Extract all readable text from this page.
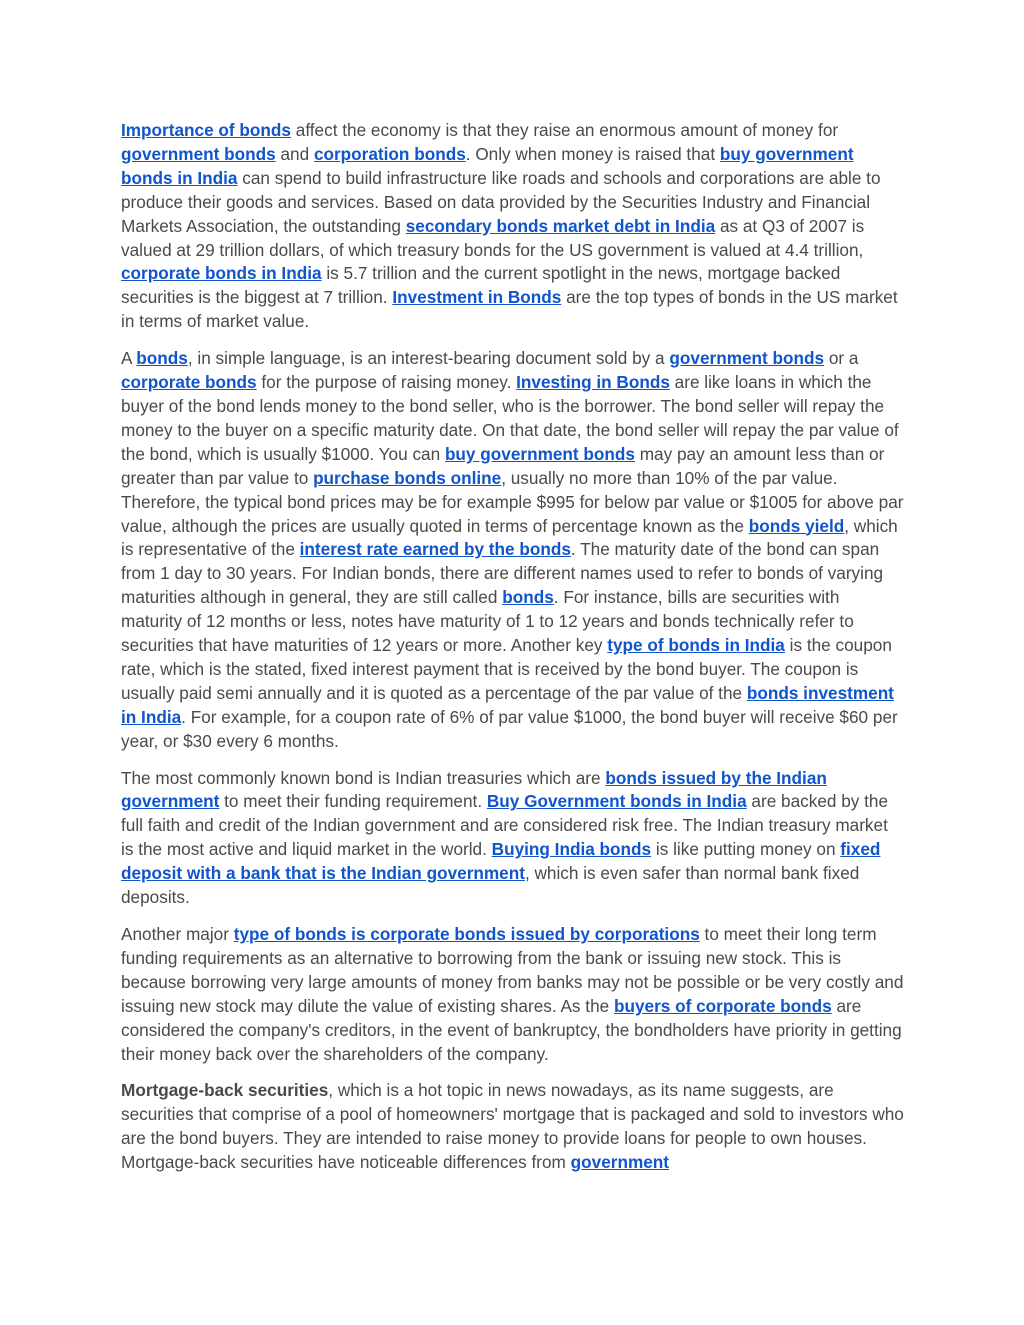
Importance of bonds affect the economy is that they raise an enormous amount of money for government bonds and corporation bonds. Only when money is raised that buy government bonds in India can spend to build infrastructure like roads and schools and corporations are able to produce their goods and services. Based on data provided by the Securities Industry and Financial Markets Association, the outstanding secondary bonds market debt in India as at Q3 of 2007 is valued at 29 trillion dollars, of which treasury bonds for the US government is valued at 4.4 trillion, corporate bonds in India is 5.7 trillion and the current spotlight in the news, mortgage backed securities is the biggest at 7 trillion. Investment in Bonds are the top types of bonds in the US market in terms of market value.

A bonds, in simple language, is an interest-bearing document sold by a government bonds or a corporate bonds for the purpose of raising money. Investing in Bonds are like loans in which the buyer of the bond lends money to the bond seller, who is the borrower. The bond seller will repay the money to the buyer on a specific maturity date. On that date, the bond seller will repay the par value of the bond, which is usually $1000. You can buy government bonds may pay an amount less than or greater than par value to purchase bonds online, usually no more than 10% of the par value. Therefore, the typical bond prices may be for example $995 for below par value or $1005 for above par value, although the prices are usually quoted in terms of percentage known as the bonds yield, which is representative of the interest rate earned by the bonds. The maturity date of the bond can span from 1 day to 30 years. For Indian bonds, there are different names used to refer to bonds of varying maturities although in general, they are still called bonds. For instance, bills are securities with maturity of 12 months or less, notes have maturity of 1 to 12 years and bonds technically refer to securities that have maturities of 12 years or more. Another key type of bonds in India is the coupon rate, which is the stated, fixed interest payment that is received by the bond buyer. The coupon is usually paid semi annually and it is quoted as a percentage of the par value of the bonds investment in India. For example, for a coupon rate of 6% of par value $1000, the bond buyer will receive $60 per year, or $30 every 6 months.

The most commonly known bond is Indian treasuries which are bonds issued by the Indian government to meet their funding requirement. Buy Government bonds in India are backed by the full faith and credit of the Indian government and are considered risk free. The Indian treasury market is the most active and liquid market in the world. Buying India bonds is like putting money on fixed deposit with a bank that is the Indian government, which is even safer than normal bank fixed deposits.

Another major type of bonds is corporate bonds issued by corporations to meet their long term funding requirements as an alternative to borrowing from the bank or issuing new stock. This is because borrowing very large amounts of money from banks may not be possible or be very costly and issuing new stock may dilute the value of existing shares. As the buyers of corporate bonds are considered the company's creditors, in the event of bankruptcy, the bondholders have priority in getting their money back over the shareholders of the company.

Mortgage-back securities, which is a hot topic in news nowadays, as its name suggests, are securities that comprise of a pool of homeowners' mortgage that is packaged and sold to investors who are the bond buyers. They are intended to raise money to provide loans for people to own houses. Mortgage-back securities have noticeable differences from government
